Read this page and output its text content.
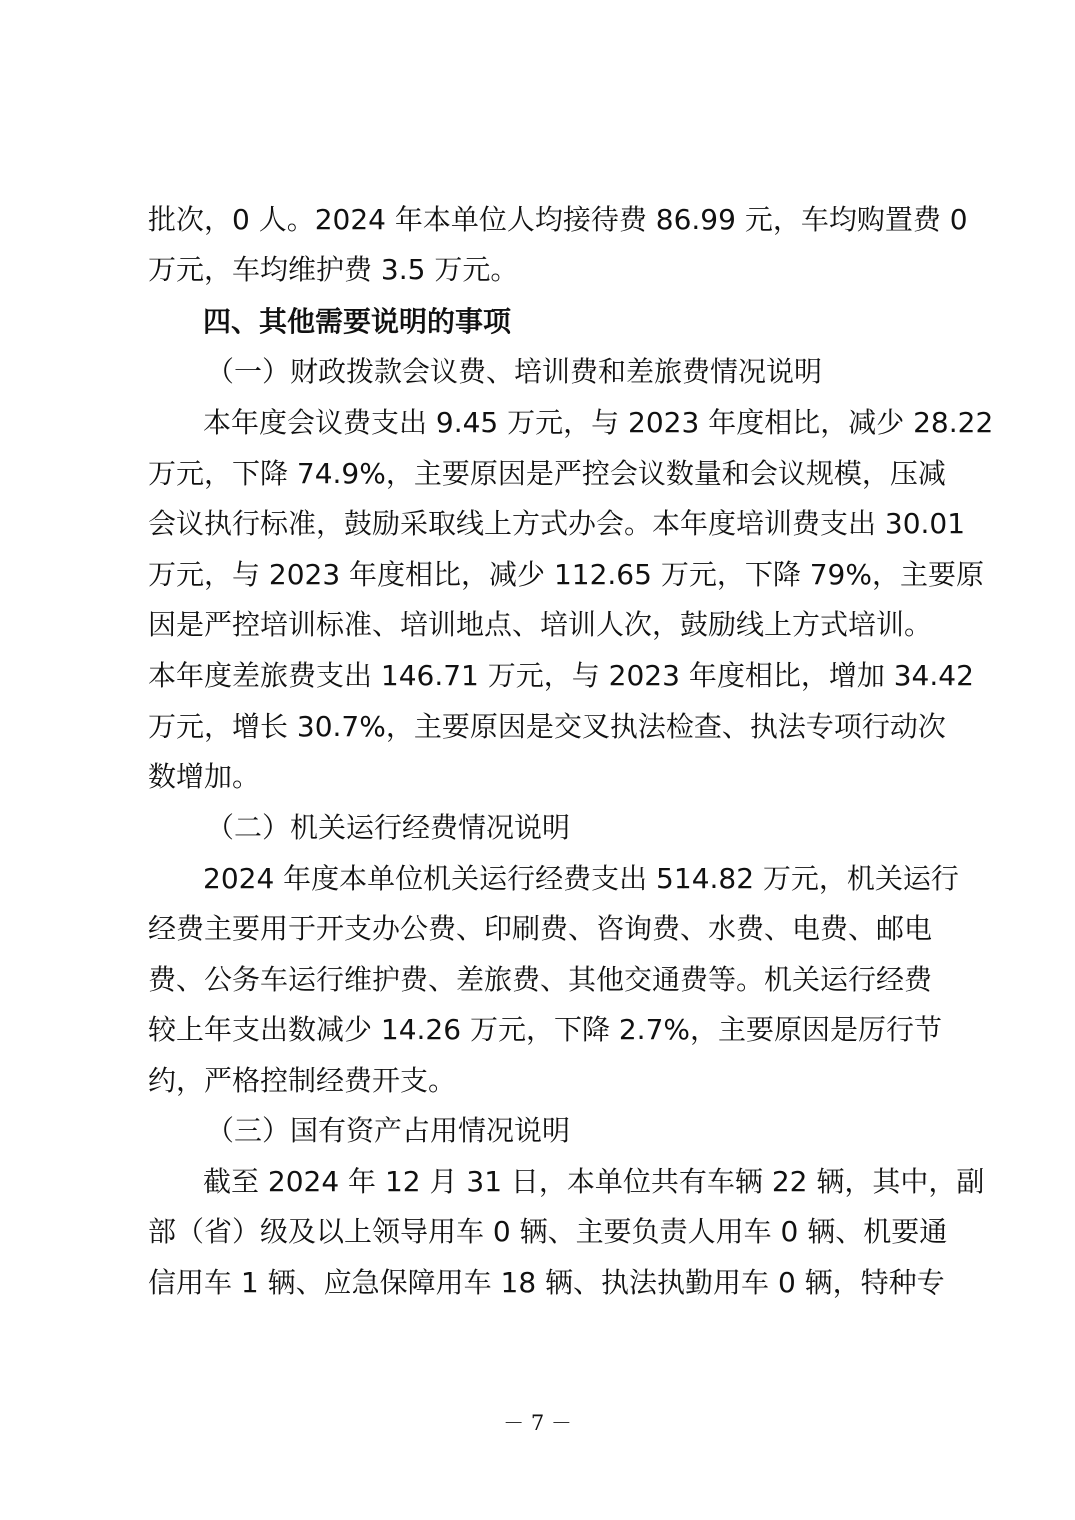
批次，0 人。2024 年本单位人均接待费 86.99 元，车均购置费 0
万元，车均维护费 3.5 万元。
四、其他需要说明的事项
（一）财政拨款会议费、培训费和差旅费情况说明
本年度会议费支出 9.45 万元，与 2023 年度相比，减少 28.22
万元，下降 74.9%，主要原因是严控会议数量和会议规模，压减
会议执行标准，鼓励采取线上方式办会。本年度培训费支出 30.01
万元，与 2023 年度相比，减少 112.65 万元，下降 79%，主要原
因是严控培训标准、培训地点、培训人次，鼓励线上方式培训。
本年度差旅费支出 146.71 万元，与 2023 年度相比，增加 34.42
万元，增长 30.7%，主要原因是交叉执法检查、执法专项行动次
数增加。
（二）机关运行经费情况说明
2024 年度本单位机关运行经费支出 514.82 万元，机关运行
经费主要用于开支办公费、印刷费、咨询费、水费、电费、邮电
费、公务车运行维护费、差旅费、其他交通费等。机关运行经费
较上年支出数减少 14.26 万元，下降 2.7%，主要原因是厉行节
约，严格控制经费开支。
（三）国有资产占用情况说明
截至 2024 年 12 月 31 日，本单位共有车辆 22 辆，其中，副
部（省）级及以上领导用车 0 辆、主要负责人用车 0 辆、机要通
信用车 1 辆、应急保障用车 18 辆、执法执勤用车 0 辆，特种专
－ 7 －
